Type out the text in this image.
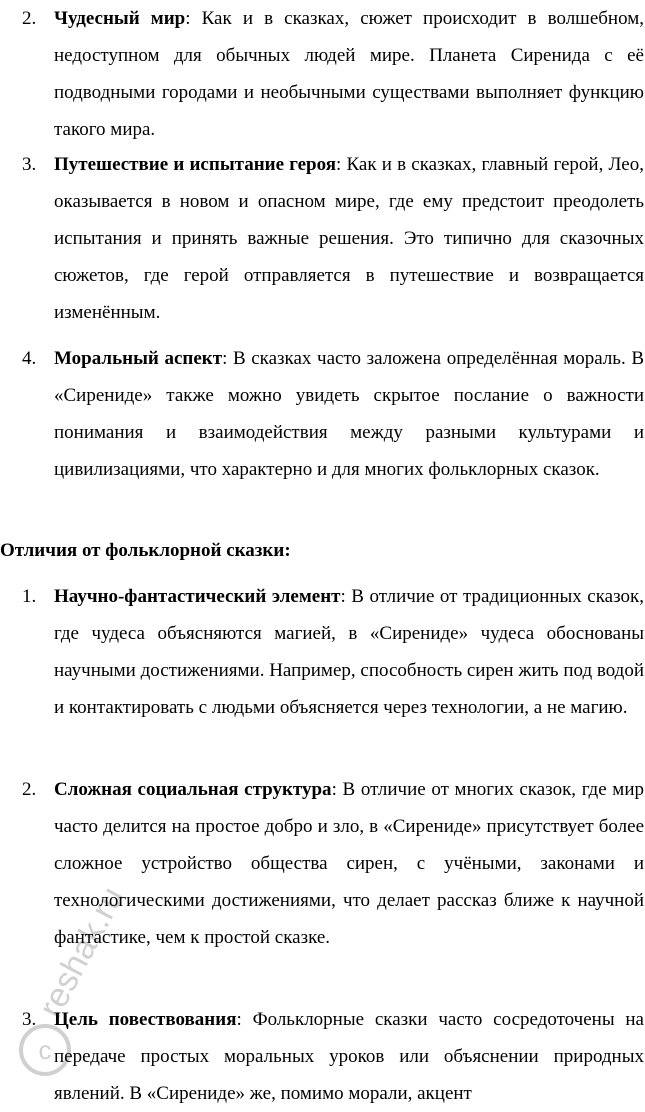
2. Чудесный мир: Как и в сказках, сюжет происходит в волшебном, недоступном для обычных людей мире. Планета Сиренида с её подводными городами и необычными существами выполняет функцию такого мира.
3. Путешествие и испытание героя: Как и в сказках, главный герой, Лео, оказывается в новом и опасном мире, где ему предстоит преодолеть испытания и принять важные решения. Это типично для сказочных сюжетов, где герой отправляется в путешествие и возвращается изменённым.
4. Моральный аспект: В сказках часто заложена определённая мораль. В «Сирениде» также можно увидеть скрытое послание о важности понимания и взаимодействия между разными культурами и цивилизациями, что характерно и для многих фольклорных сказок.
Отличия от фольклорной сказки:
1. Научно-фантастический элемент: В отличие от традиционных сказок, где чудеса объясняются магией, в «Сирениде» чудеса обоснованы научными достижениями. Например, способность сирен жить под водой и контактировать с людьми объясняется через технологии, а не магию.
2. Сложная социальная структура: В отличие от многих сказок, где мир часто делится на простое добро и зло, в «Сирениде» присутствует более сложное устройство общества сирен, с учёными, законами и технологическими достижениями, что делает рассказ ближе к научной фантастике, чем к простой сказке.
3. Цель повествования: Фольклорные сказки часто сосредоточены на передаче простых моральных уроков или объяснении природных явлений. В «Сирениде» же, помимо морали, акцент
c
reshak.ru
